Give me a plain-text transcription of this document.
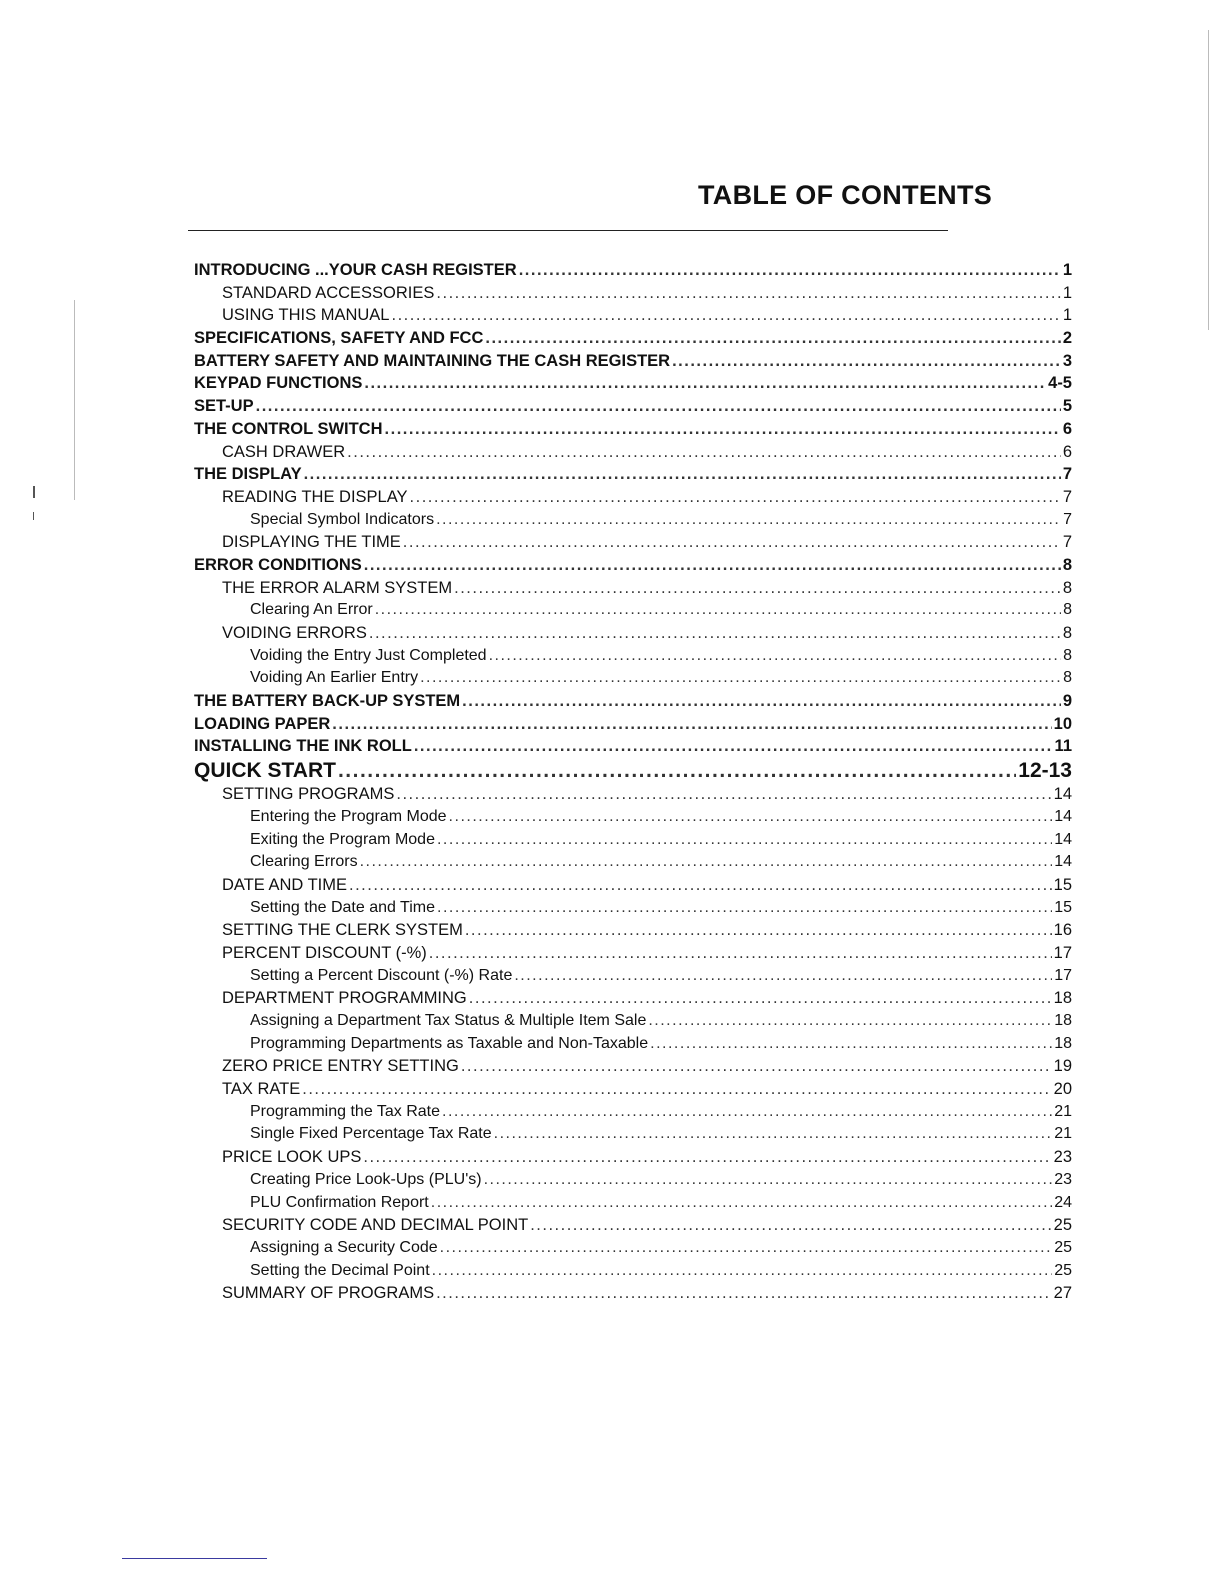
TABLE OF CONTENTS
INTRODUCING ...YOUR CASH REGISTER .....	1
STANDARD ACCESSORIES .....	1
USING THIS MANUAL .....	1
SPECIFICATIONS, SAFETY AND FCC .....	2
BATTERY SAFETY AND MAINTAINING THE CASH REGISTER .....	3
KEYPAD FUNCTIONS .....	4-5
SET-UP .....	5
THE CONTROL SWITCH .....	6
CASH DRAWER .....	6
THE DISPLAY .....	7
READING THE DISPLAY .....	7
Special Symbol Indicators .....	7
DISPLAYING THE TIME .....	7
ERROR CONDITIONS .....	8
THE ERROR ALARM SYSTEM .....	8
Clearing An Error .....	8
VOIDING ERRORS .....	8
Voiding the Entry Just Completed .....	8
Voiding An Earlier Entry .....	8
THE BATTERY BACK-UP SYSTEM .....	9
LOADING PAPER .....	10
INSTALLING THE INK ROLL .....	11
QUICK START .....	12-13
SETTING PROGRAMS .....	14
Entering the Program Mode .....	14
Exiting the Program Mode .....	14
Clearing Errors .....	14
DATE AND TIME .....	15
Setting the Date and Time .....	15
SETTING THE CLERK SYSTEM .....	16
PERCENT DISCOUNT (-%) .....	17
Setting a Percent Discount (-%) Rate .....	17
DEPARTMENT PROGRAMMING .....	18
Assigning a Department Tax Status & Multiple Item Sale .....	18
Programming Departments as Taxable and Non-Taxable .....	18
ZERO PRICE ENTRY SETTING .....	19
TAX RATE .....	20
Programming the Tax Rate .....	21
Single Fixed Percentage Tax Rate .....	21
PRICE LOOK UPS .....	23
Creating Price Look-Ups (PLU's) .....	23
PLU Confirmation Report .....	24
SECURITY CODE AND DECIMAL POINT .....	25
Assigning a Security Code .....	25
Setting the Decimal Point .....	25
SUMMARY OF PROGRAMS .....	27
